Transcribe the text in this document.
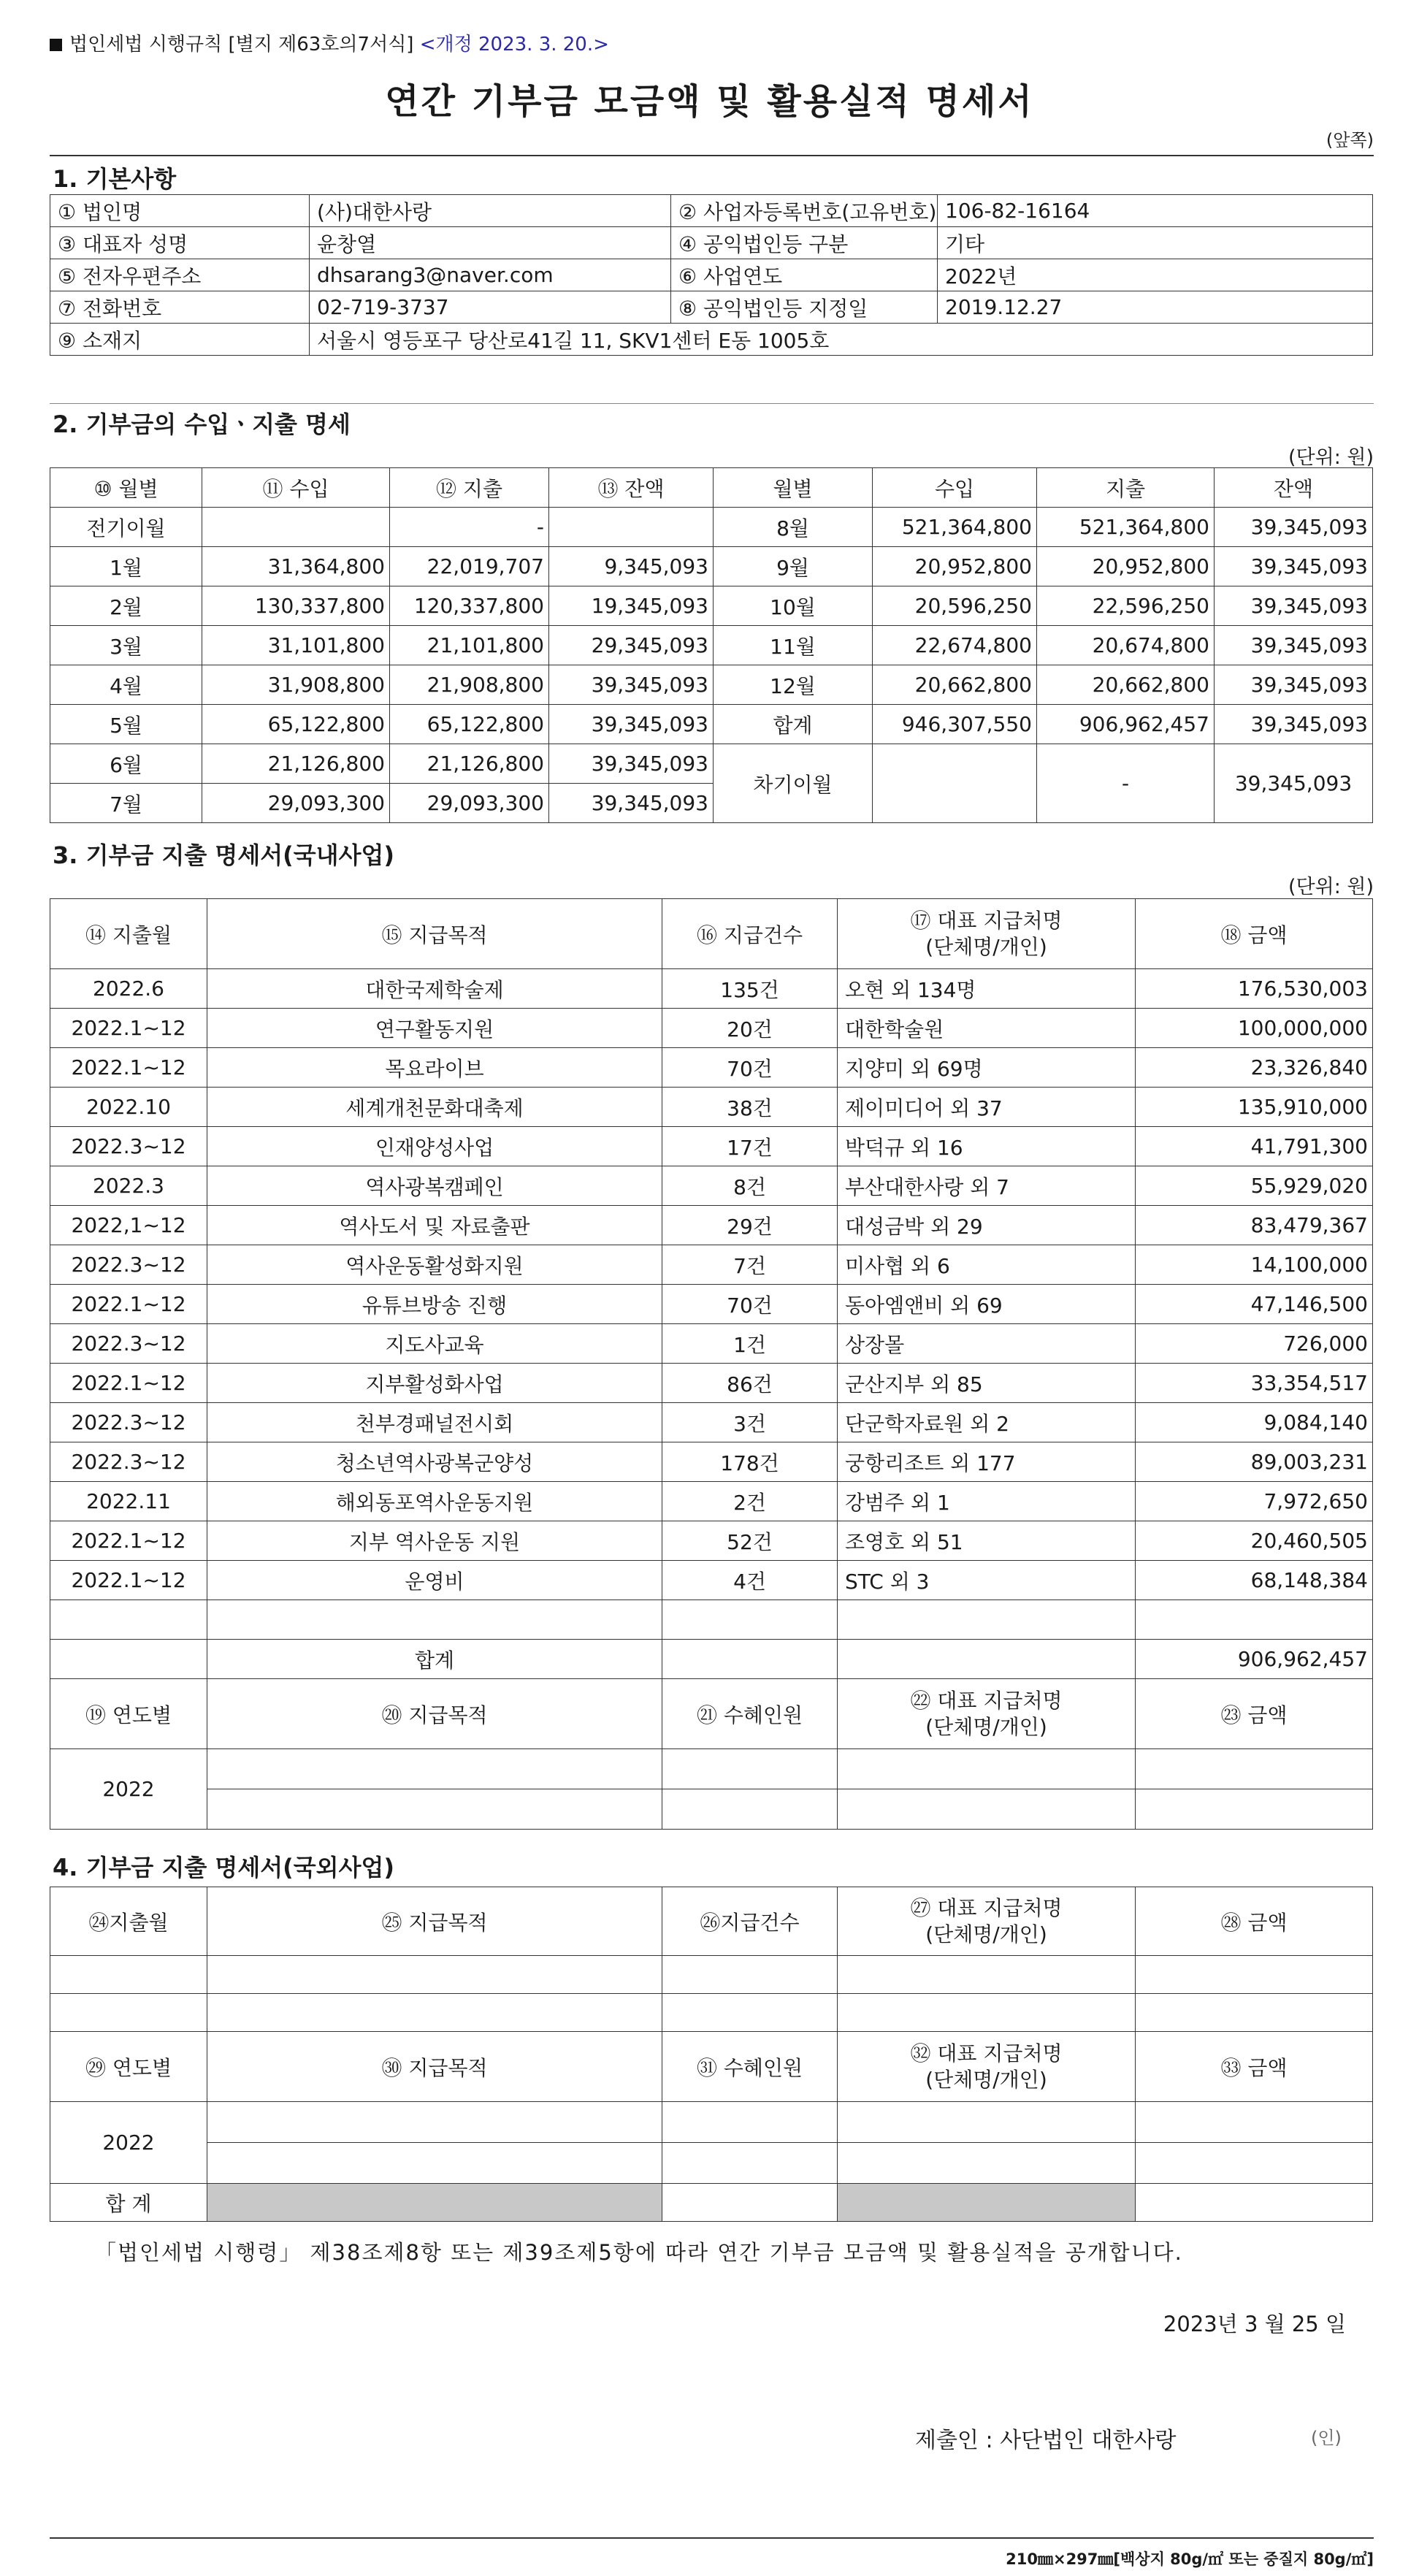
법인세법 시행규칙 [별지 제63호의7서식] <개정 2023. 3. 20.>
연간 기부금 모금액 및 활용실적 명세서
(앞쪽)
1. 기본사항
① 법인명	(사)대한사랑	② 사업자등록번호(고유번호)	106-82-16164
③ 대표자 성명	윤창열	④ 공익법인등 구분	기타
⑤ 전자우편주소	dhsarang3@naver.com	⑥ 사업연도	2022년
⑦ 전화번호	02-719-3737	⑧ 공익법인등 지정일	2019.12.27
⑨ 소재지	서울시 영등포구 당산로41길 11, SKV1센터 E동 1005호		
2. 기부금의 수입ㆍ지출 명세
(단위: 원)
⑩ 월별	⑪ 수입	⑫ 지출	⑬ 잔액	월별	수입	지출	잔액
전기이월		-		8월	521,364,800	521,364,800	39,345,093
1월	31,364,800	22,019,707	9,345,093	9월	20,952,800	20,952,800	39,345,093
2월	130,337,800	120,337,800	19,345,093	10월	20,596,250	22,596,250	39,345,093
3월	31,101,800	21,101,800	29,345,093	11월	22,674,800	20,674,800	39,345,093
4월	31,908,800	21,908,800	39,345,093	12월	20,662,800	20,662,800	39,345,093
5월	65,122,800	65,122,800	39,345,093	합계	946,307,550	906,962,457	39,345,093
6월	21,126,800	21,126,800	39,345,093	차기이월		-	39,345,093
7월	29,093,300	29,093,300	39,345,093				
3. 기부금 지출 명세서(국내사업)
(단위: 원)
⑭ 지출월	⑮ 지급목적	⑯ 지급건수	⑰ 대표 지급처명
(단체명/개인)	⑱ 금액
2022.6	대한국제학술제	135건	오현 외 134명	176,530,003
2022.1~12	연구활동지원	20건	대한학술원	100,000,000
2022.1~12	목요라이브	70건	지양미 외 69명	23,326,840
2022.10	세계개천문화대축제	38건	제이미디어 외 37	135,910,000
2022.3~12	인재양성사업	17건	박덕규 외 16	41,791,300
2022.3	역사광복캠페인	8건	부산대한사랑 외 7	55,929,020
2022,1~12	역사도서 및 자료출판	29건	대성금박 외 29	83,479,367
2022.3~12	역사운동활성화지원	7건	미사협 외 6	14,100,000
2022.1~12	유튜브방송 진행	70건	동아엠앤비 외 69	47,146,500
2022.3~12	지도사교육	1건	상장몰	726,000
2022.1~12	지부활성화사업	86건	군산지부 외 85	33,354,517
2022.3~12	천부경패널전시회	3건	단군학자료원 외 2	9,084,140
2022.3~12	청소년역사광복군양성	178건	궁항리조트 외 177	89,003,231
2022.11	해외동포역사운동지원	2건	강범주 외 1	7,972,650
2022.1~12	지부 역사운동 지원	52건	조영호 외 51	20,460,505
2022.1~12	운영비	4건	STC 외 3	68,148,384

	합계			906,962,457
⑲ 연도별	⑳ 지급목적	㉑ 수혜인원	㉒ 대표 지급처명
(단체명/개인)	㉓ 금액
2022				

4. 기부금 지출 명세서(국외사업)
㉔지출월	㉕ 지급목적	㉖지급건수	㉗ 대표 지급처명
(단체명/개인)	㉘ 금액

㉙ 연도별	㉚ 지급목적	㉛ 수혜인원	㉜ 대표 지급처명
(단체명/개인)	㉝ 금액
2022				

합 계				
「법인세법 시행령」 제38조제8항 또는 제39조제5항에 따라 연간 기부금 모금액 및 활용실적을 공개합니다.
2023년 3 월 25 일
제출인 : 사단법인 대한사랑	(인)
210㎜×297㎜[백상지 80g/㎡ 또는 중질지 80g/㎡]
